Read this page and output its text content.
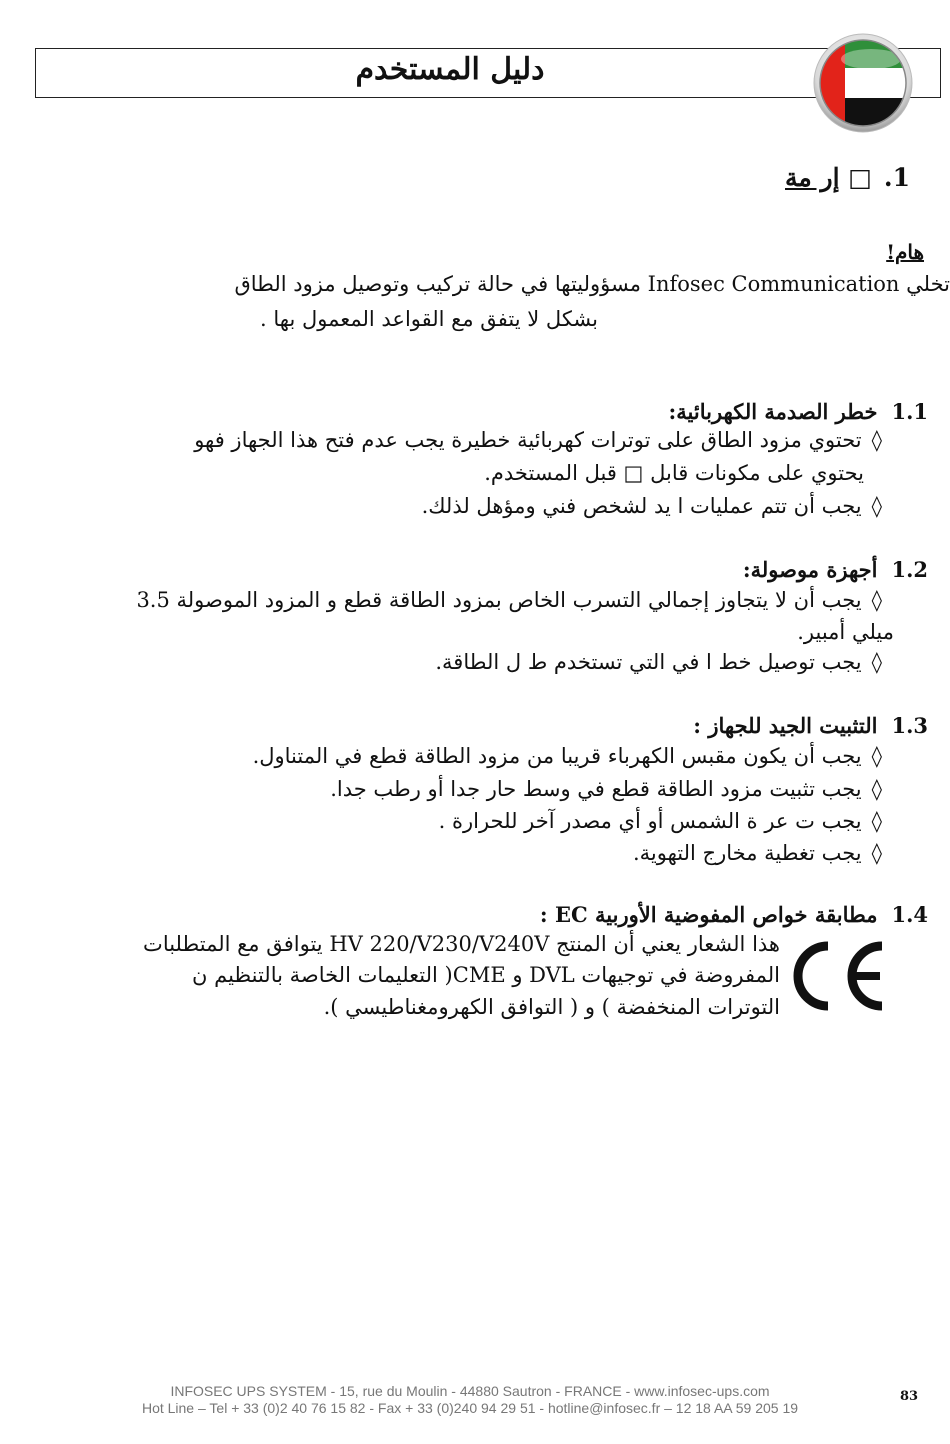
دليل المستخدم
1.□ إر مة
هام!
تخلي Infosec Communication مسؤوليتها في حالة تركيب وتوصيل مزود الطاق
بشكل لا يتفق مع القواعد المعمول بها .
1.1خطر الصدمة الكهربائية:
◊تحتوي مزود الطاق على توترات كهربائية خطيرة يجب عدم فتح هذا الجهاز فهو
يحتوي على مكونات قابل □ قبل المستخدم.
◊يجب أن تتم عمليات ا يد لشخص فني ومؤهل لذلك.
1.2أجهزة موصولة:
◊يجب أن لا يتجاوز إجمالي التسرب الخاص بمزود الطاقة قطع و المزود الموصولة 3.5
ميلي أمبير.
◊يجب توصيل خط ا في التي تستخدم ط ل الطاقة.
1.3التثبيت الجيد للجهاز :
◊يجب أن يكون مقبس الكهرباء قريبا من مزود الطاقة قطع في المتناول.
◊يجب تثبيت مزود الطاقة قطع في وسط حار جدا أو رطب جدا.
◊يجب ت عر ة الشمس أو أي مصدر آخر للحرارة .
◊يجب تغطية مخارج التهوية.
1.4مطابقة خواص المفوضية الأوربية EC :
هذا الشعار يعني أن المنتج HV 220/V230/V240V يتوافق مع المتطلبات
المفروضة في توجيهات DVL و CME( التعليمات الخاصة بالتنظيم ن
التوترات المنخفضة ) و ( التوافق الكهرومغناطيسي ).
INFOSEC UPS SYSTEM - 15, rue du Moulin - 44880 Sautron - FRANCE - www.infosec-ups.com
Hot Line – Tel + 33 (0)2 40 76 15 82 - Fax + 33 (0)240 94 29 51 - hotline@infosec.fr – 12 18 AA 59 205 19
83
